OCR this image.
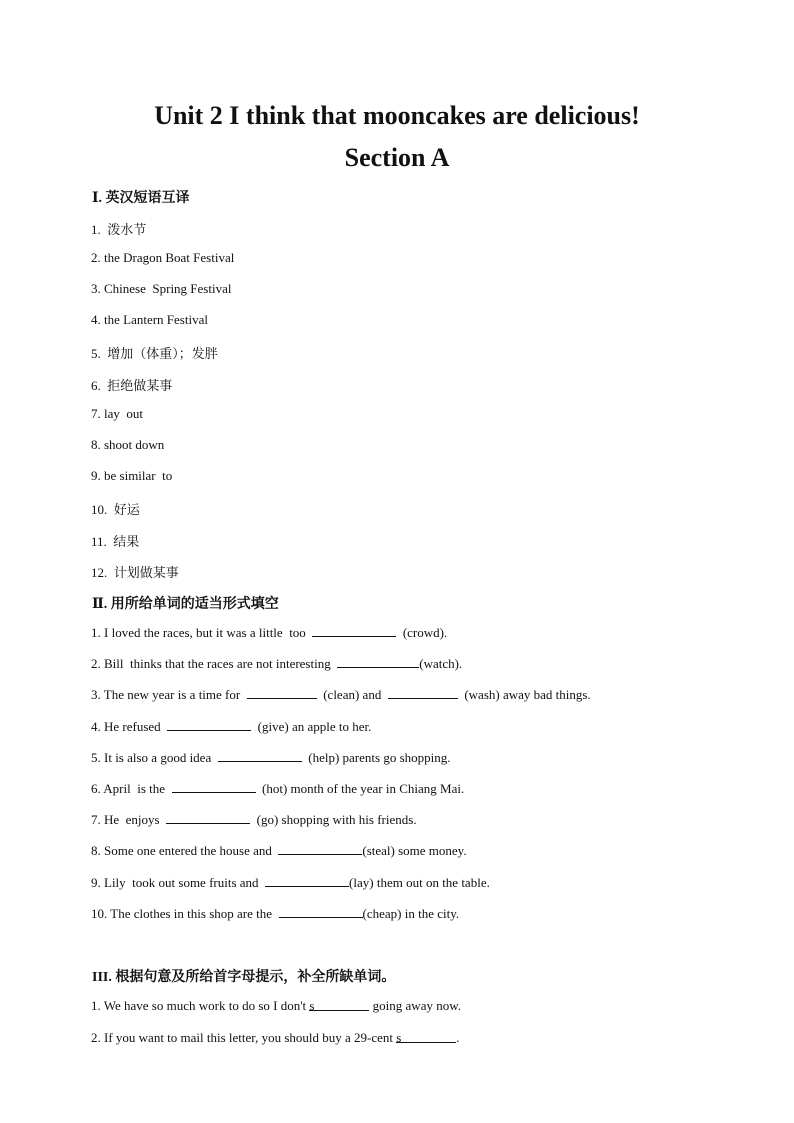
Unit 2 I think that mooncakes are delicious!
Section A
Ⅰ. 英汉短语互译
1.  泼水节
2. the Dragon Boat Festival
3. Chinese  Spring Festival
4. the Lantern Festival
5.  增加（体重）；发胖
6.  拒绝做某事
7. lay  out
8. shoot down
9. be similar  to
10.  好运
11.  结果
12.  计划做某事
Ⅱ. 用所给单词的适当形式填空
1. I loved the races, but it was a little  too	(crowd).
2. Bill  thinks that the races are not interesting	(watch).
3. The new year is a time for	(clean) and	(wash) away bad things.
4. He refused	(give) an apple to her.
5. It is also a good idea	(help) parents go shopping.
6. April  is the	(hot) month of the year in Chiang Mai.
7. He  enjoys	(go) shopping with his friends.
8. Some one entered the house and	(steal) some money.
9. Lily  took out some fruits and	(lay) them out on the table.
10. The clothes in this shop are the	(cheap) in the city.
III. 根据句意及所给首字母提示，补全所缺单词。
1. We have so much work to do so I don't s	going away now.
2. If you want to mail this letter, you should buy a 29-cent s	.
